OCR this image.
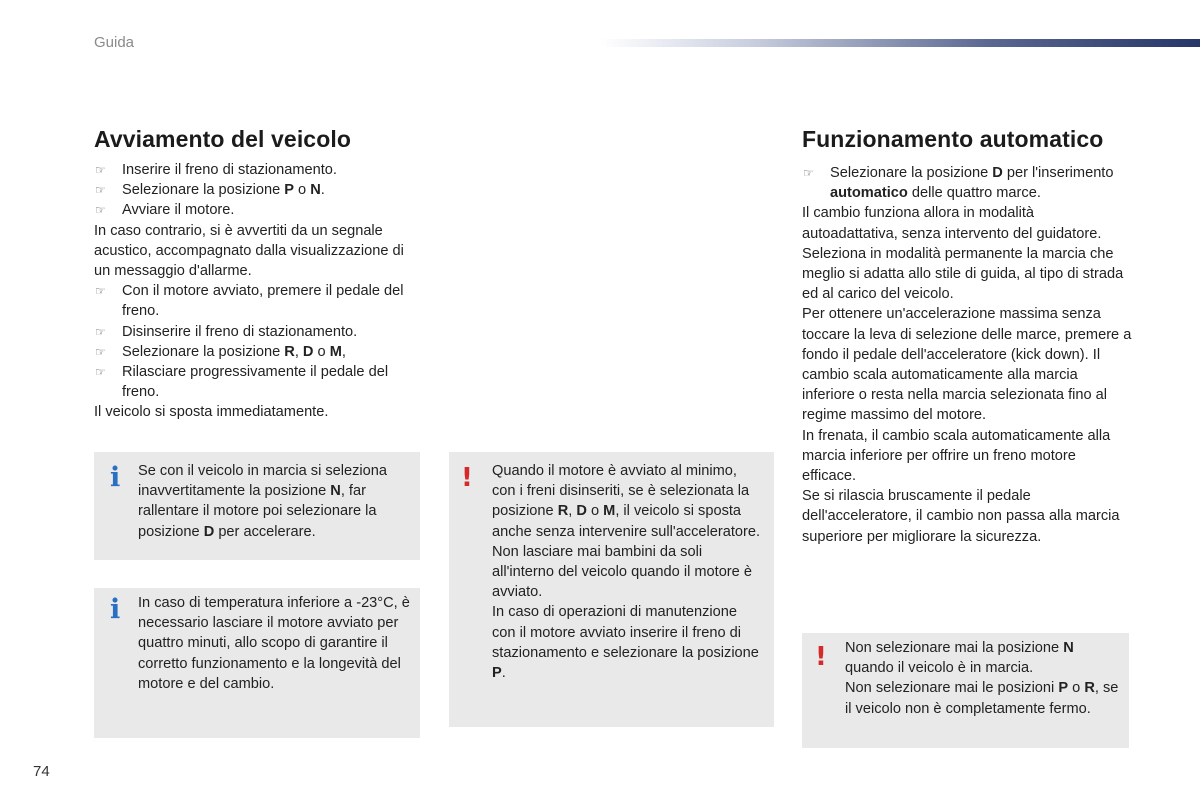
Guida
Avviamento del veicolo
☞ Inserire il freno di stazionamento.
☞ Selezionare la posizione P o N.
☞ Avviare il motore.
In caso contrario, si è avvertiti da un segnale acustico, accompagnato dalla visualizzazione di un messaggio d'allarme.
☞ Con il motore avviato, premere il pedale del freno.
☞ Disinserire il freno di stazionamento.
☞ Selezionare la posizione R, D o M,
☞ Rilasciare progressivamente il pedale del freno.
Il veicolo si sposta immediatamente.
i Se con il veicolo in marcia si seleziona inavvertitamente la posizione N, far rallentare il motore poi selezionare la posizione D per accelerare.
i In caso di temperatura inferiore a -23°C, è necessario lasciare il motore avviato per quattro minuti, allo scopo di garantire il corretto funzionamento e la longevità del motore e del cambio.
! Quando il motore è avviato al minimo, con i freni disinseriti, se è selezionata la posizione R, D o M, il veicolo si sposta anche senza intervenire sull'acceleratore.
Non lasciare mai bambini da soli all'interno del veicolo quando il motore è avviato.
In caso di operazioni di manutenzione con il motore avviato inserire il freno di stazionamento e selezionare la posizione P.
Funzionamento automatico
☞ Selezionare la posizione D per l'inserimento automatico delle quattro marce.
Il cambio funziona allora in modalità autoadattativa, senza intervento del guidatore.
Seleziona in modalità permanente la marcia che meglio si adatta allo stile di guida, al tipo di strada ed al carico del veicolo.
Per ottenere un'accelerazione massima senza toccare la leva di selezione delle marce, premere a fondo il pedale dell'acceleratore (kick down). Il cambio scala automaticamente alla marcia inferiore o resta nella marcia selezionata fino al regime massimo del motore.
In frenata, il cambio scala automaticamente alla marcia inferiore per offrire un freno motore efficace.
Se si rilascia bruscamente il pedale dell'acceleratore, il cambio non passa alla marcia superiore per migliorare la sicurezza.
! Non selezionare mai la posizione N quando il veicolo è in marcia.
Non selezionare mai le posizioni P o R, se il veicolo non è completamente fermo.
74
